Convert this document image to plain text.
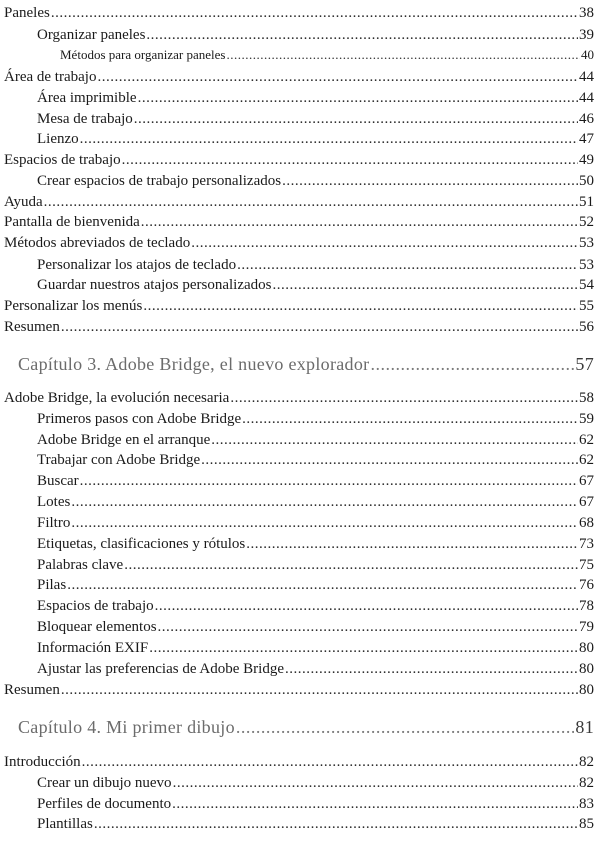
Paneles .....	38
Organizar paneles .....	39
Métodos para organizar paneles .....	40
Área de trabajo .....	44
Área imprimible .....	44
Mesa de trabajo .....	46
Lienzo .....	47
Espacios de trabajo .....	49
Crear espacios de trabajo personalizados .....	50
Ayuda .....	51
Pantalla de bienvenida .....	52
Métodos abreviados de teclado .....	53
Personalizar los atajos de teclado .....	53
Guardar nuestros atajos personalizados .....	54
Personalizar los menús .....	55
Resumen .....	56
Capítulo 3. Adobe Bridge, el nuevo explorador .....	57
Adobe Bridge, la evolución necesaria .....	58
Primeros pasos con Adobe Bridge .....	59
Adobe Bridge en el arranque .....	62
Trabajar con Adobe Bridge .....	62
Buscar .....	67
Lotes .....	67
Filtro .....	68
Etiquetas, clasificaciones y rótulos .....	73
Palabras clave .....	75
Pilas .....	76
Espacios de trabajo .....	78
Bloquear elementos .....	79
Información EXIF .....	80
Ajustar las preferencias de Adobe Bridge .....	80
Resumen .....	80
Capítulo 4. Mi primer dibujo .....	81
Introducción .....	82
Crear un dibujo nuevo .....	82
Perfiles de documento .....	83
Plantillas .....	85
